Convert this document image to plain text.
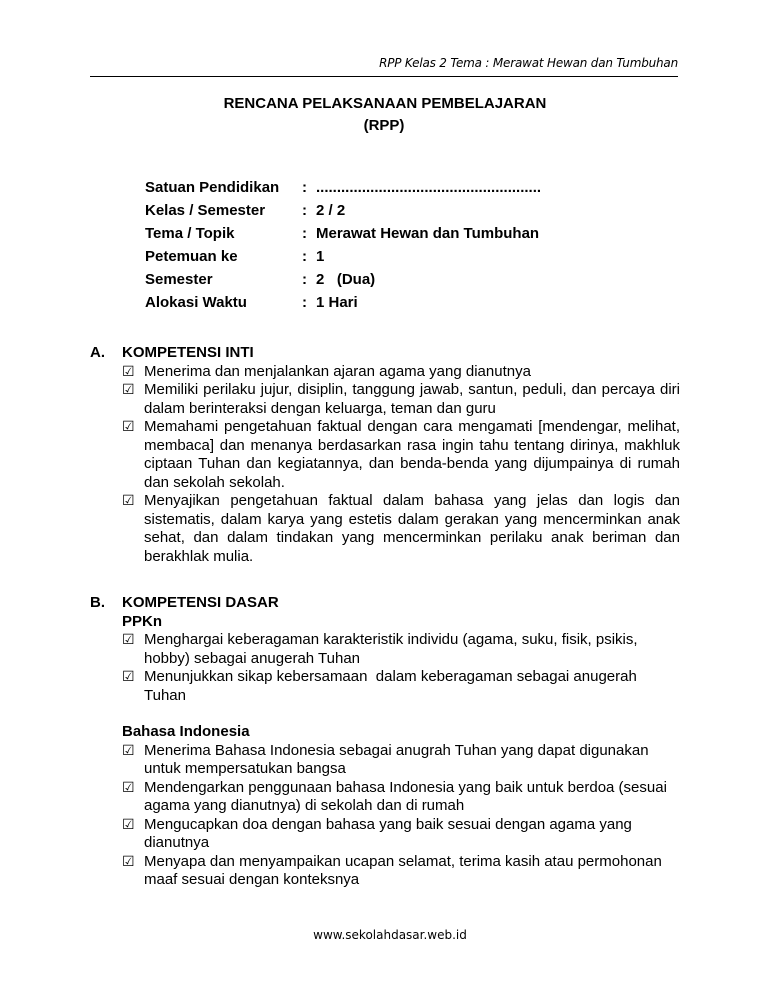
RPP Kelas 2 Tema : Merawat Hewan dan Tumbuhan
RENCANA PELAKSANAAN PEMBELAJARAN
(RPP)
Satuan Pendidikan	:	......................................................
Kelas / Semester	:	2 / 2
Tema / Topik	:	Merawat Hewan dan Tumbuhan
Petemuan ke	:	1
Semester	:	2   (Dua)
Alokasi Waktu	:	1 Hari
A.	KOMPETENSI INTI
☑ Menerima dan menjalankan ajaran agama yang dianutnya
☑ Memiliki perilaku jujur, disiplin, tanggung jawab, santun, peduli, dan percaya diri dalam berinteraksi dengan keluarga, teman dan guru
☑ Memahami pengetahuan faktual dengan cara mengamati [mendengar, melihat, membaca] dan menanya berdasarkan rasa ingin tahu tentang dirinya, makhluk ciptaan Tuhan dan kegiatannya, dan benda-benda yang dijumpainya di rumah dan sekolah sekolah.
☑ Menyajikan pengetahuan faktual dalam bahasa yang jelas dan logis dan sistematis, dalam karya yang estetis dalam gerakan yang mencerminkan anak sehat, dan dalam tindakan yang mencerminkan perilaku anak beriman dan berakhlak mulia.
B.	KOMPETENSI DASAR
PPKn
☑ Menghargai keberagaman karakteristik individu (agama, suku, fisik, psikis, hobby) sebagai anugerah Tuhan
☑ Menunjukkan sikap kebersamaan  dalam keberagaman sebagai anugerah Tuhan
Bahasa Indonesia
☑ Menerima Bahasa Indonesia sebagai anugrah Tuhan yang dapat digunakan untuk mempersatukan bangsa
☑ Mendengarkan penggunaan bahasa Indonesia yang baik untuk berdoa (sesuai agama yang dianutnya) di sekolah dan di rumah
☑ Mengucapkan doa dengan bahasa yang baik sesuai dengan agama yang dianutnya
☑ Menyapa dan menyampaikan ucapan selamat, terima kasih atau permohonan maaf sesuai dengan konteksnya
www.sekolahdasar.web.id
